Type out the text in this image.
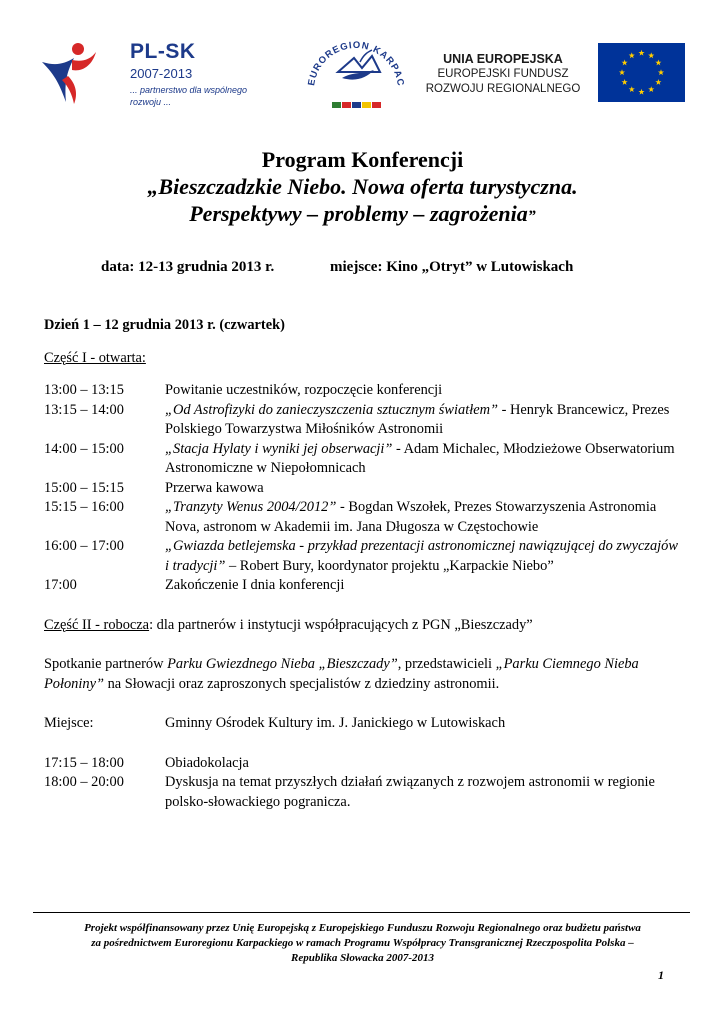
PL-SK
2007-2013
... partnerstwo dla wspólnego rozwoju ...
EUROREGION KARPAC
UNIA EUROPEJSKA
EUROPEJSKI FUNDUSZ
ROZWOJU REGIONALNEGO
Program Konferencji
„Bieszczadzkie Niebo. Nowa oferta turystyczna.
Perspektywy – problemy – zagrożenia”
data: 12-13 grudnia 2013 r.	miejsce: Kino „Otryt” w Lutowiskach
Dzień 1 – 12 grudnia 2013 r. (czwartek)
Część I - otwarta:
13:00 – 13:15	Powitanie uczestników, rozpoczęcie konferencji
13:15 – 14:00	„Od Astrofizyki do zanieczyszczenia sztucznym światłem” - Henryk Brancewicz, Prezes Polskiego Towarzystwa Miłośników Astronomii
14:00 – 15:00	„Stacja Hylaty i wyniki jej obserwacji” - Adam Michalec, Młodzieżowe Obserwatorium Astronomiczne w Niepołomnicach
15:00 – 15:15	Przerwa kawowa
15:15 – 16:00	„Tranzyty Wenus 2004/2012” - Bogdan Wszołek, Prezes Stowarzyszenia Astronomia Nova, astronom w Akademii im. Jana Długosza w Częstochowie
16:00 – 17:00	„Gwiazda betlejemska - przykład prezentacji astronomicznej nawiązującej do zwyczajów i tradycji” – Robert Bury, koordynator projektu „Karpackie Niebo”
17:00	Zakończenie I dnia konferencji
Część II - robocza: dla partnerów i instytucji współpracujących z PGN „Bieszczady”
Spotkanie partnerów Parku Gwiezdnego Nieba „Bieszczady”, przedstawicieli „Parku Ciemnego Nieba Połoniny” na Słowacji oraz zaproszonych specjalistów z dziedziny astronomii.
Miejsce:	Gminny Ośrodek Kultury im. J. Janickiego w Lutowiskach
17:15 – 18:00	Obiadokolacja
18:00 – 20:00	Dyskusja na temat przyszłych działań związanych z rozwojem astronomii w regionie polsko-słowackiego pogranicza.
Projekt współfinansowany przez Unię Europejską z Europejskiego Funduszu Rozwoju Regionalnego oraz budżetu państwa
za pośrednictwem Euroregionu Karpackiego w ramach Programu Współpracy Transgranicznej Rzeczpospolita Polska –
Republika Słowacka 2007-2013
1
